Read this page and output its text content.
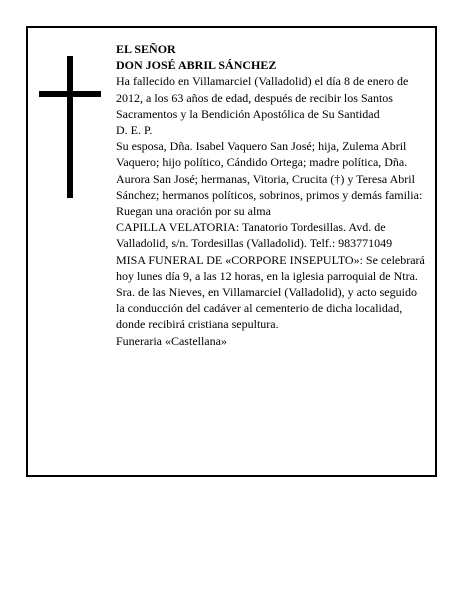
EL SEÑOR

DON JOSÉ ABRIL SÁNCHEZ

Ha fallecido en Villamarciel (Valladolid) el día 8 de enero de 2012, a los 63 años de edad, después de recibir los Santos Sacramentos y la Bendición Apostólica de Su Santidad

D. E. P.

Su esposa, Dña. Isabel Vaquero San José; hija, Zulema Abril Vaquero; hijo político, Cándido Ortega; madre política, Dña. Aurora San José; hermanas, Vitoria, Crucita (†) y Teresa Abril Sánchez; hermanos políticos, sobrinos, primos y demás familia:

Ruegan una oración por su alma

CAPILLA VELATORIA: Tanatorio Tordesillas. Avd. de Valladolid, s/n. Tordesillas (Valladolid). Telf.: 983771049

MISA FUNERAL DE «CORPORE INSEPULTO»: Se celebrará hoy lunes día 9, a las 12 horas, en la iglesia parroquial de Ntra. Sra. de las Nieves, en Villamarciel (Valladolid), y acto seguido la conducción del cadáver al cementerio de dicha localidad, donde recibirá cristiana sepultura.

Funeraria «Castellana»
